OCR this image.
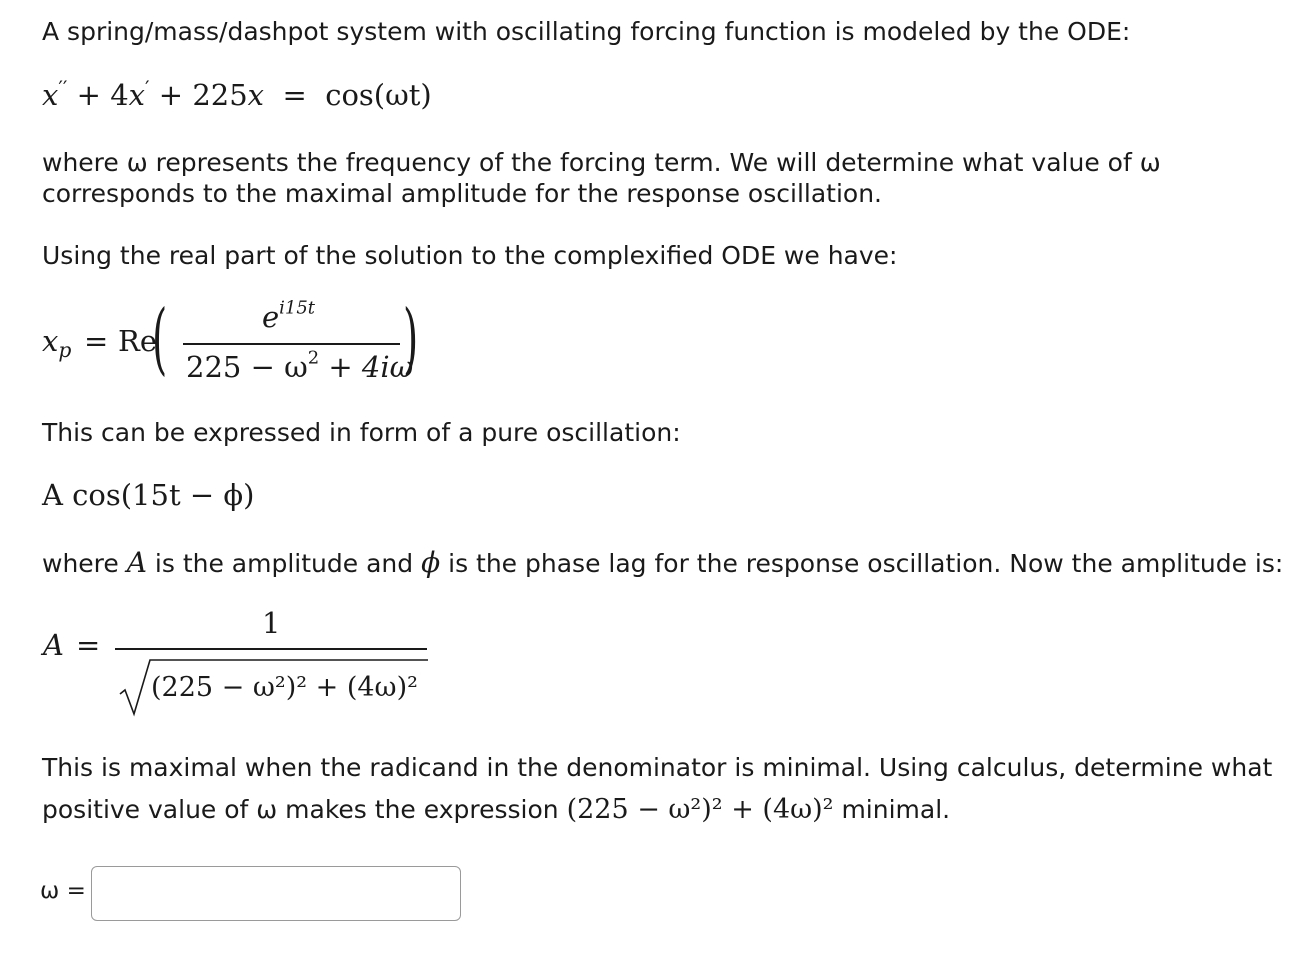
A spring/mass/dashpot system with oscillating forcing function is modeled by the ODE:
x′′ + 4x′ + 225x = cos(ωt)
where ω represents the frequency of the forcing term. We will determine what value of ω
corresponds to the maximal amplitude for the response oscillation.
Using the real part of the solution to the complexified ODE we have:
$x_p = Re$
(	$e^{i15t}$
$225 - \omega^2 + 4i\omega$
)
This can be expressed in form of a pure oscillation:
A cos(15t − ϕ)
where A is the amplitude and ϕ is the phase lag for the response oscillation. Now the amplitude is:
A =
1
(225 − ω²)² + (4ω)²
This is maximal when the radicand in the denominator is minimal. Using calculus, determine what
positive value of ω makes the expression (225 − ω²)² + (4ω)² minimal.
ω =
